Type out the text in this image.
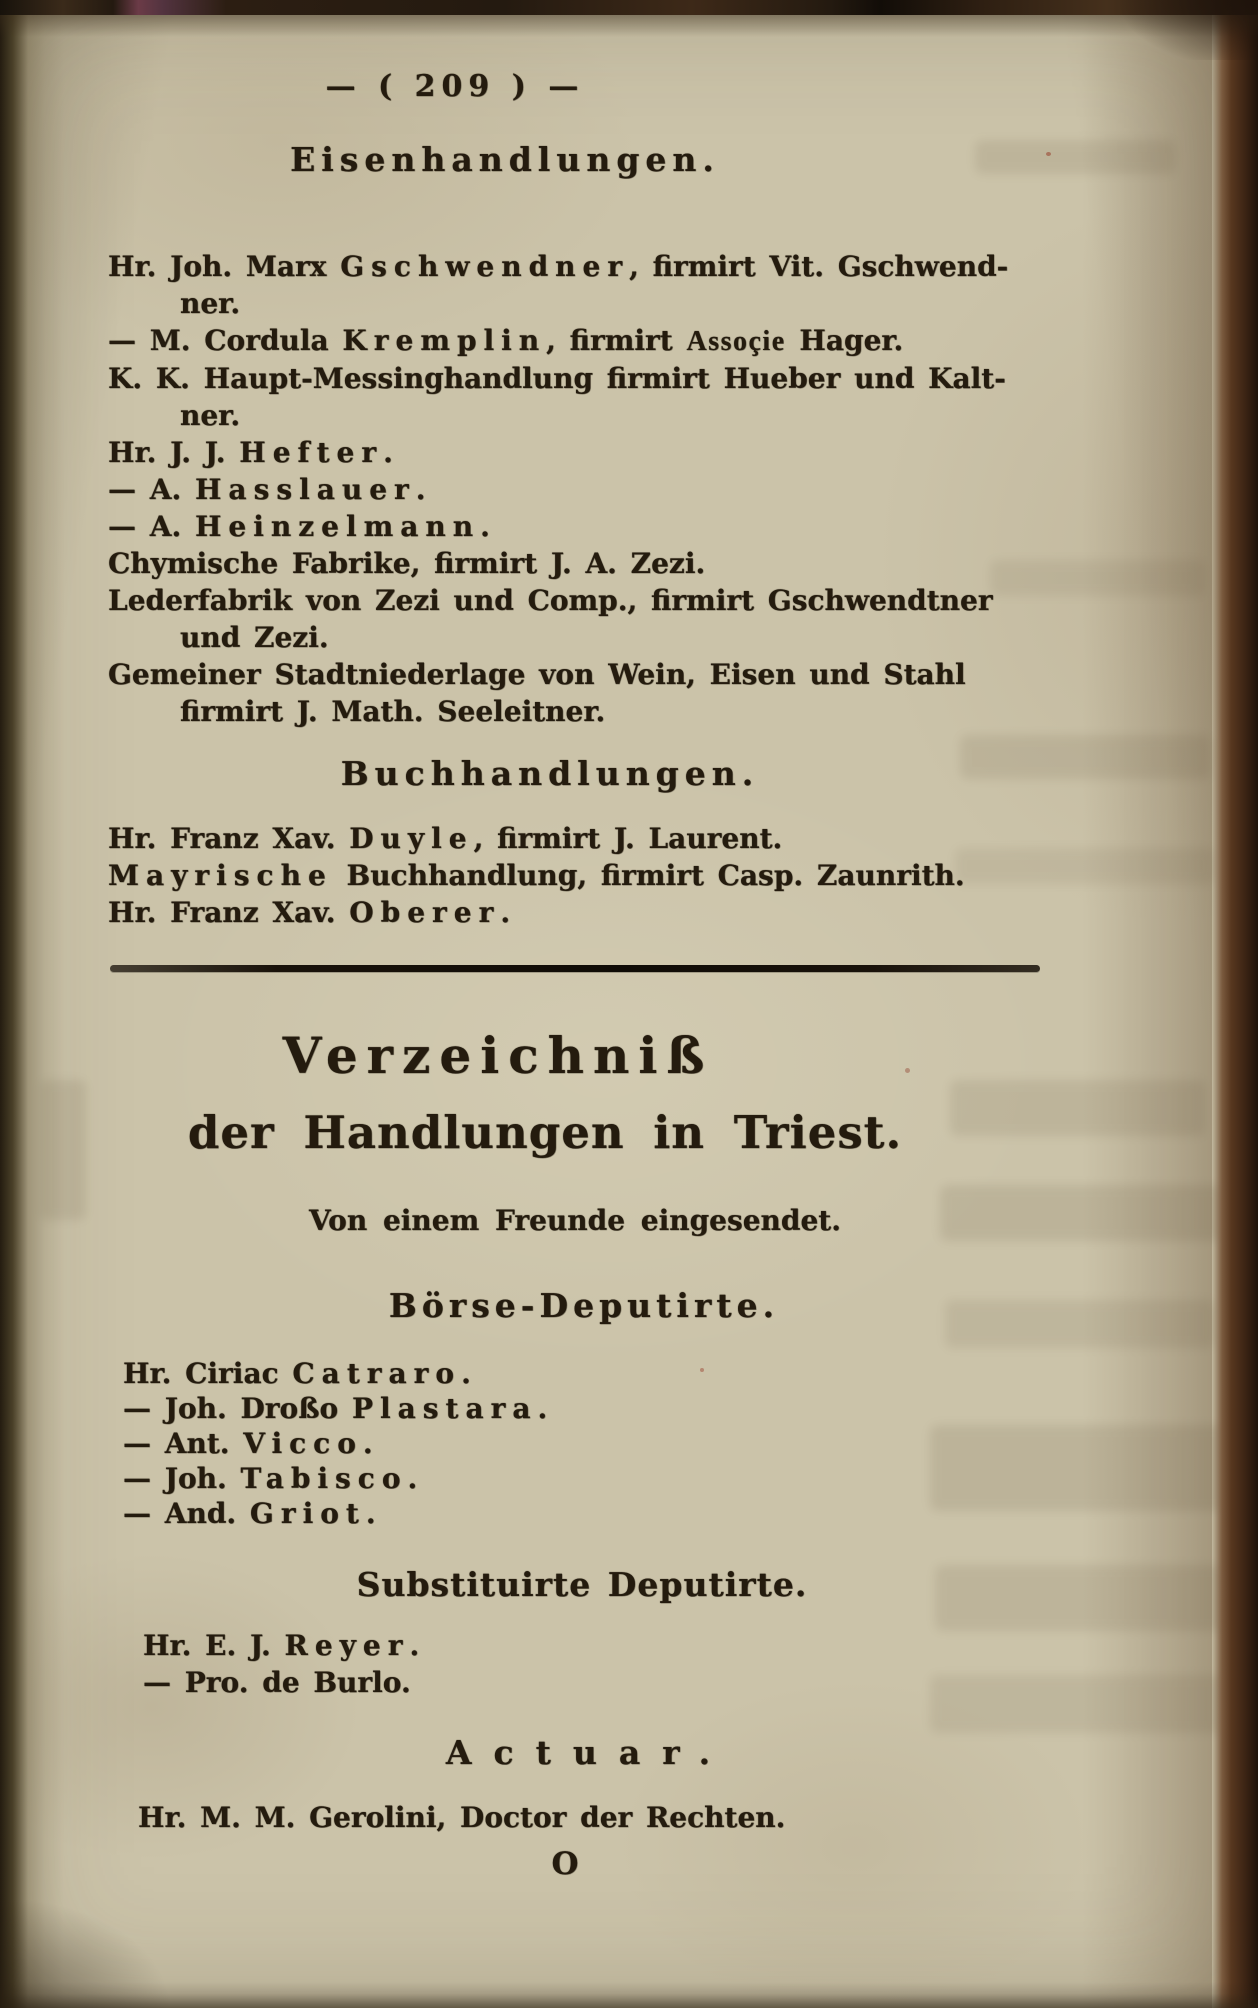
— ( 209 ) —
Eisenhandlungen.
Hr. Joh. Marx Gschwendner, firmirt Vit. Gschwend-
ner.
— M. Cordula Kremplin, firmirt Assoçie Hager.
K. K. Haupt-Messinghandlung firmirt Hueber und Kalt-
ner.
Hr. J. J. Hefter.
— A. Hasslauer.
— A. Heinzelmann.
Chymische Fabrike, firmirt J. A. Zezi.
Lederfabrik von Zezi und Comp., firmirt Gschwendtner
und Zezi.
Gemeiner Stadtniederlage von Wein, Eisen und Stahl
firmirt J. Math. Seeleitner.
Buchhandlungen.
Hr. Franz Xav. Duyle, firmirt J. Laurent.
Mayrische Buchhandlung, firmirt Casp. Zaunrith.
Hr. Franz Xav. Oberer.
Verzeichniß
der Handlungen in Triest.
Von einem Freunde eingesendet.
Börse-Deputirte.
Hr. Ciriac Catraro.
— Joh. Droßo Plastara.
— Ant. Vicco.
— Joh. Tabisco.
— And. Griot.
Substituirte Deputirte.
Hr. E. J. Reyer.
— Pro. de Burlo.
Actuar.
Hr. M. M. Gerolini, Doctor der Rechten.
O
